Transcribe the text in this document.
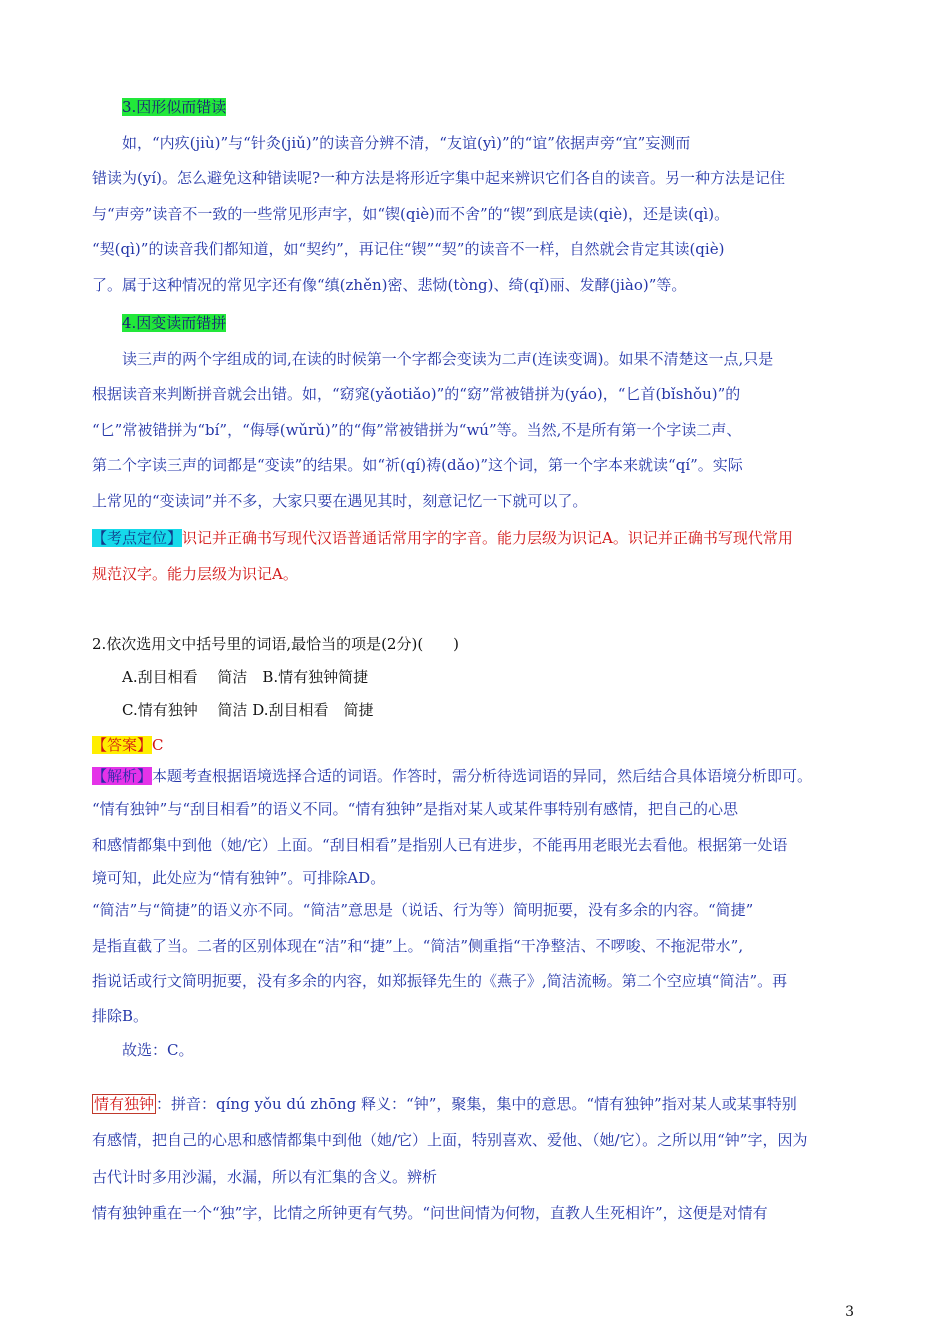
3.因形似而错读
如，“内疚(jiù)”与“针灸(jiǔ)”的读音分辨不清，“友谊(yì)”的“谊”依据声旁“宜”妄测而
错读为(yí)。怎么避免这种错读呢?一种方法是将形近字集中起来辨识它们各自的读音。另一种方法是记住
与“声旁”读音不一致的一些常见形声字，如“锲(qiè)而不舍”的“锲”到底是读(qiè)，还是读(qì)。
“契(qì)”的读音我们都知道，如“契约”，再记住“锲”“契”的读音不一样，自然就会肯定其读(qiè)
了。属于这种情况的常见字还有像“缜(zhěn)密、悲恸(tòng)、绮(qǐ)丽、发酵(jiào)”等。
4.因变读而错拼
读三声的两个字组成的词,在读的时候第一个字都会变读为二声(连读变调)。如果不清楚这一点,只是
根据读音来判断拼音就会出错。如，“窈窕(yǎotiǎo)”的“窈”常被错拼为(yáo)，“匕首(bǐshǒu)”的
“匕”常被错拼为“bí”，“侮辱(wǔrǔ)”的“侮”常被错拼为“wú”等。当然,不是所有第一个字读二声、
第二个字读三声的词都是“变读”的结果。如“祈(qí)祷(dǎo)”这个词，第一个字本来就读“qí”。实际
上常见的“变读词”并不多，大家只要在遇见其时，刻意记忆一下就可以了。
【考点定位】识记并正确书写现代汉语普通话常用字的字音。能力层级为识记A。识记并正确书写现代常用
规范汉字。能力层级为识记A。
2.依次选用文中括号里的词语,最恰当的项是(2分)(　　)
A.刮目相看　 简洁　B.情有独钟简捷
C.情有独钟　 简洁 D.刮目相看　简捷
【答案】C
【解析】本题考查根据语境选择合适的词语。作答时，需分析待选词语的异同，然后结合具体语境分析即可。
“情有独钟”与“刮目相看”的语义不同。“情有独钟”是指对某人或某件事特别有感情，把自己的心思
和感情都集中到他（她/它）上面。“刮目相看”是指别人已有进步，不能再用老眼光去看他。根据第一处语
境可知，此处应为“情有独钟”。可排除AD。
“简洁”与“简捷”的语义亦不同。“简洁”意思是（说话、行为等）简明扼要，没有多余的内容。“简捷”
是指直截了当。二者的区别体现在“洁”和“捷”上。“简洁”侧重指“干净整洁、不啰唆、不拖泥带水”,
指说话或行文简明扼要，没有多余的内容，如郑振铎先生的《燕子》,简洁流畅。第二个空应填“简洁”。再
排除B。
故选：C。
情有独钟 ：拼音：qíng yǒu dú zhōng 释义：“钟”，聚集，集中的意思。“情有独钟”指对某人或某事特别
有感情，把自己的心思和感情都集中到他（她/它）上面，特别喜欢、爱他、（她/它）。之所以用“钟”字，因为
古代计时多用沙漏，水漏，所以有汇集的含义。辨析
情有独钟重在一个“独”字，比情之所钟更有气势。“问世间情为何物，直教人生死相许”，这便是对情有
3
